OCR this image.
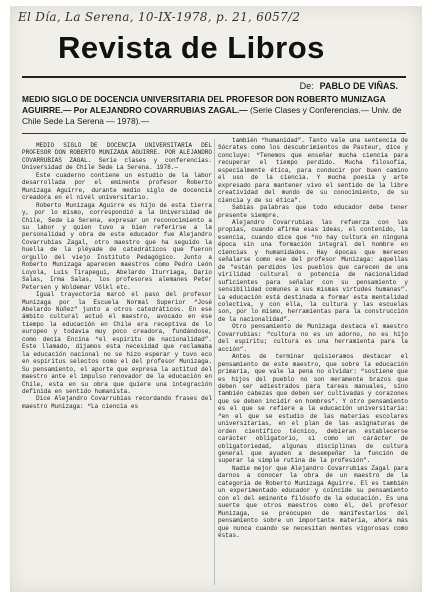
El Día, La Serena, 10-IX-1978, p. 21, 6057/2
Revista de Libros
De: PABLO DE VIÑAS.
MEDIO SIGLO DE DOCENCIA UNIVERSITARIA DEL PROFESOR DON ROBERTO MUNIZAGA AGUIRRE.— Por ALEJANDRO COVARRUBIAS ZAGAL.— (Serie Clases y Conferencias.— Univ. de Chile Sede La Serena — 1978).—

MEDIO SIGLO DE DOCENCIA UNIVERSITARIA DEL PROFESOR DON ROBERTO MUNIZAGA AGUIRRE. POR ALEJANDRO COVARRUBIAS ZAGAL. Serie clases y conferencias. Universidad de Chile Sede La Serena. 1978.—

Este cuaderno contiene un estudio de la labor desarrollada por el eminente profesor Roberto Munizaga Aguirre, durante medio siglo de docencia creadora en el nivel universitario.

Roberto Munizaga Aguirre es hijo de esta tierra y, por lo mismo, correspondió a la Universidad de Chile, Sede La Serena, expresar un reconocimiento a su labor y quien tuvo a bien referirse a la personalidad y obra de este educador fue Alejandro Covarrubias Zagal, otro maestro que ha seguido la huella de la pléyade de catedráticos que fueron orgullo del viejo Instituto Pedagógico. Junto a Roberto Munizaga aparecen maestros como Pedro León Loyola, Luis Tirapegui, Abelardo Iturriaga, Darío Salas, Irma Salas, los profesores alemanes Peter Petersen y Woldemar Völkl etc.

Igual trayectoria marcó el paso del profesor Munizaga por la Escuela Normal Superior “José Abelardo Núñez” junto a otros catedráticos. En ese ámbito cultural actuó el maestro, avocado en ese tiempo la educación en Chile era receptiva de lo europeo y todavía muy poco creadora, fundándose, como decía Encina “el espíritu de nacionalidad”. Este llamado, dijamos esta necesidad que reclamaba la educación nacional no se hizo esperar y tuvo eco en espíritus selectos como el del profesor Munizaga. Su pensamiento, el aporte que expresa la actitud del maestro ante el impulso renovador de la educación en Chile, esta en su obra que quiere una integración definida en sentido humanista.

Dice Alejandro Covarrubias recordando frases del maestro Munizaga: “La ciencia es

también “humanidad”. Tanto vale una sentencia de Sócrates como los descubrimientos de Pasteur, dice y concluye: “Tenemos que enseñar mucha ciencia para recuperar el tiempo perdido. Mucha filosofía, especialmente ética, para conducir por buen camino el uso de la ciencia. Y mucha poesía y arte expresado para mantener vivo el sentido de la libre creatividad del mundo de su conocimiento, de su ciencia y de su ética”.

Sabias palabras que todo educador debe tener presente siempre.

Alejandro Covarrubias las refuerza con las propias, cuando afirma esas ideas, el contenido, la esencia, cuando dice que “no hay cultura en ninguna época sin una formación integral del hombre en ciencias y humanidades. Hay épocas que merecen señalarse como ese del profesor Munizaga: aquellas de ”están perdidos los pueblos que carecen de una virilidad cultural o potencia de nacionalidad suficientes para señalar con su pensamiento y sensibilidad comunes a sus mismas virtudes humanas”. La educación está destinada a formar esta mentalidad colectiva, y con ella, la cultura y las escuelas son, por lo mismo, herramientas para la construcción de la nacionalidad”.

Otro pensamiento de Munizaga destaca el maestro Covarrubias: “cultura no es un adorno, no es hijo del espíritu; cultura es una herramienta para la acción”.

Antes de terminar quisieramos destacar el pensamiento de este maestro, que sobre la educación primaria, que vale la pena no olvidar: “sostiene que es hijos del pueblo no son meramente brazos que deben ser adiestrados para tareas manuales, sino también cabezas que deben ser cultivadas y corazones que se deben incidir en hombres”. Y otro pensamiento es el que se refiere a la educación universitaria: “en el que se estudio de las materias escolares universitarias, en el plan de las asignaturas de orden científico técnico, debieran establecerse carácter obligatorio, si como un carácter de obligatoriedad, algunas disciplinas de cultura general que ayuden a desempeñar la función de superar la simple rutina de la profesión”.

Nadie mejor que Alejandro Covarrubias Zagal para darnos a conocer la obra de un maestro de la categoría de Roberto Munizaga Aguirre. El es también un experimentado educador y coincide su pensamiento con el del eminente filósofo de la educación. Es una suerte que otros maestros como él, del profesor Munizaga, se preocupen de manifestarlos del pensamiento sobre un importante materia, ahora más que nunca cuando se necesitan mentes vigorosas como éstas.
